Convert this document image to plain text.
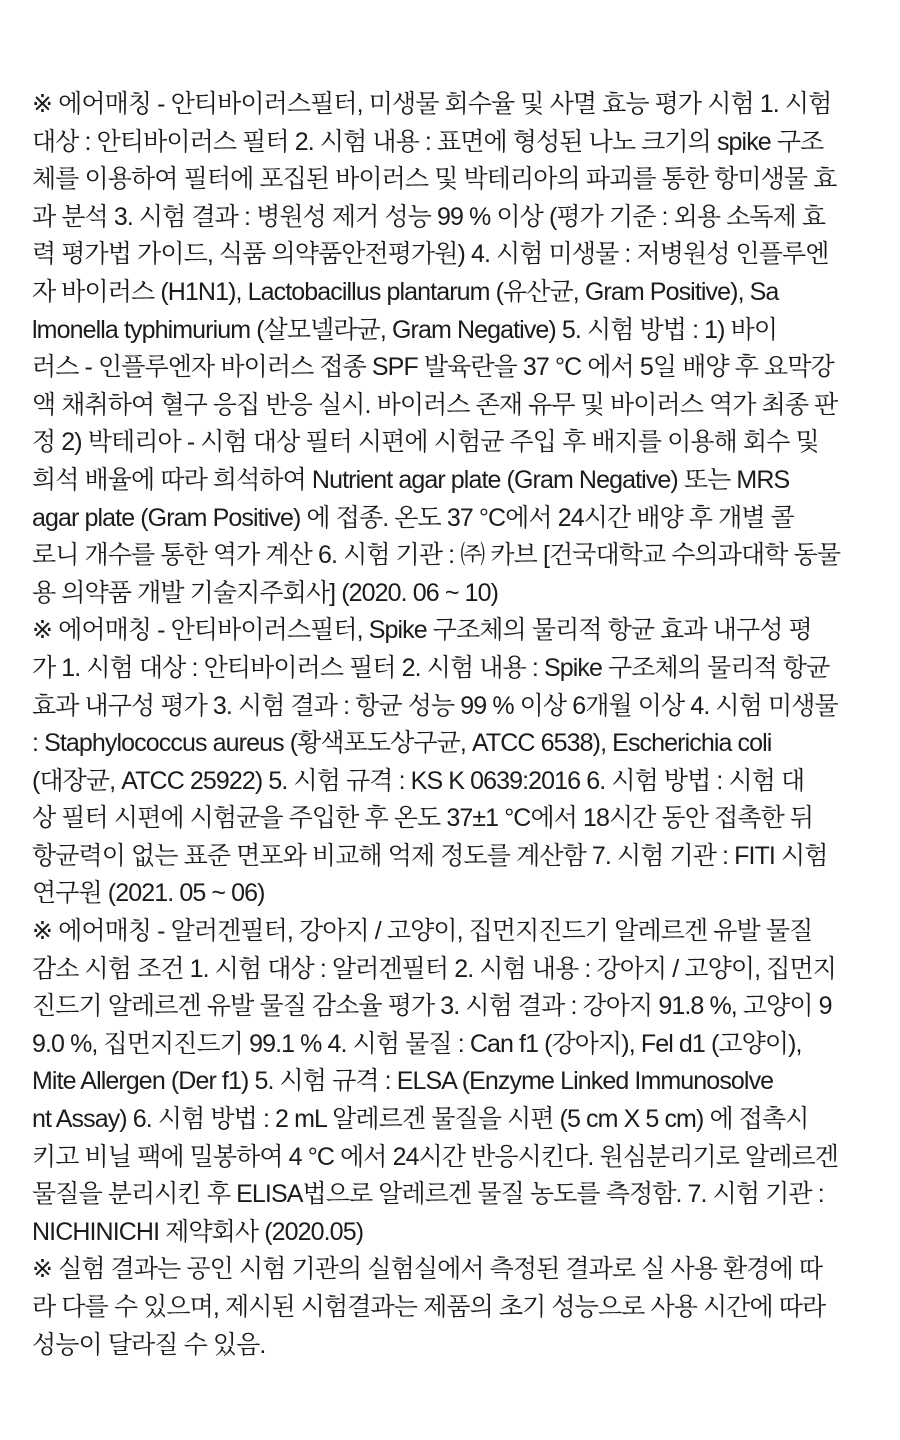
※ 에어매칭 - 안티바이러스필터, 미생물 회수율 및 사멸 효능 평가 시험 1. 시험
대상 : 안티바이러스 필터 2. 시험 내용 : 표면에 형성된 나노 크기의 spike 구조
체를 이용하여 필터에 포집된 바이러스 및 박테리아의 파괴를 통한 항미생물 효
과 분석 3. 시험 결과 : 병원성 제거 성능 99 % 이상 (평가 기준 : 외용 소독제 효
력 평가법 가이드, 식품 의약품안전평가원) 4. 시험 미생물 : 저병원성 인플루엔
자 바이러스 (H1N1), Lactobacillus plantarum (유산균, Gram Positive), Sa
lmonella typhimurium (살모넬라균, Gram Negative) 5. 시험 방법 : 1) 바이
러스 - 인플루엔자 바이러스 접종 SPF 발육란을 37 °C 에서 5일 배양 후 요막강
액 채취하여 혈구 응집 반응 실시. 바이러스 존재 유무 및 바이러스 역가 최종 판
정 2) 박테리아 - 시험 대상 필터 시편에 시험균 주입 후 배지를 이용해 회수 및
희석 배율에 따라 희석하여 Nutrient agar plate (Gram Negative) 또는 MRS
agar plate (Gram Positive) 에 접종. 온도 37 °C에서 24시간 배양 후 개별 콜
로니 개수를 통한 역가 계산 6. 시험 기관 : ㈜ 카브 [건국대학교 수의과대학 동물
용 의약품 개발 기술지주회사] (2020. 06 ~ 10)
※ 에어매칭 - 안티바이러스필터, Spike 구조체의 물리적 항균 효과 내구성 평
가 1. 시험 대상 : 안티바이러스 필터 2. 시험 내용 : Spike 구조체의 물리적 항균
효과 내구성 평가 3. 시험 결과 : 항균 성능 99 % 이상 6개월 이상 4. 시험 미생물
: Staphylococcus aureus (황색포도상구균, ATCC 6538), Escherichia coli
(대장균, ATCC 25922) 5. 시험 규격 : KS K 0639:2016 6. 시험 방법 : 시험 대
상 필터 시편에 시험균을 주입한 후 온도 37±1 °C에서 18시간 동안 접촉한 뒤
항균력이 없는 표준 면포와 비교해 억제 정도를 계산함 7. 시험 기관 : FITI 시험
연구원 (2021. 05 ~ 06)
※ 에어매칭 - 알러겐필터, 강아지 / 고양이, 집먼지진드기 알레르겐 유발 물질
감소 시험 조건 1. 시험 대상 : 알러겐필터 2. 시험 내용 : 강아지 / 고양이, 집먼지
진드기 알레르겐 유발 물질 감소율 평가 3. 시험 결과 : 강아지 91.8 %, 고양이 9
9.0 %, 집먼지진드기 99.1 % 4. 시험 물질 : Can f1 (강아지), Fel d1 (고양이),
Mite Allergen (Der f1) 5. 시험 규격 : ELSA (Enzyme Linked Immunosolve
nt Assay) 6. 시험 방법 : 2 mL 알레르겐 물질을 시편 (5 cm X 5 cm) 에 접촉시
키고 비닐 팩에 밀봉하여 4 °C 에서 24시간 반응시킨다. 원심분리기로 알레르겐
물질을 분리시킨 후 ELISA법으로 알레르겐 물질 농도를 측정함. 7. 시험 기관 :
NICHINICHI 제약회사 (2020.05)
※ 실험 결과는 공인 시험 기관의 실험실에서 측정된 결과로 실 사용 환경에 따
라 다를 수 있으며, 제시된 시험결과는 제품의 초기 성능으로 사용 시간에 따라
성능이 달라질 수 있음.
